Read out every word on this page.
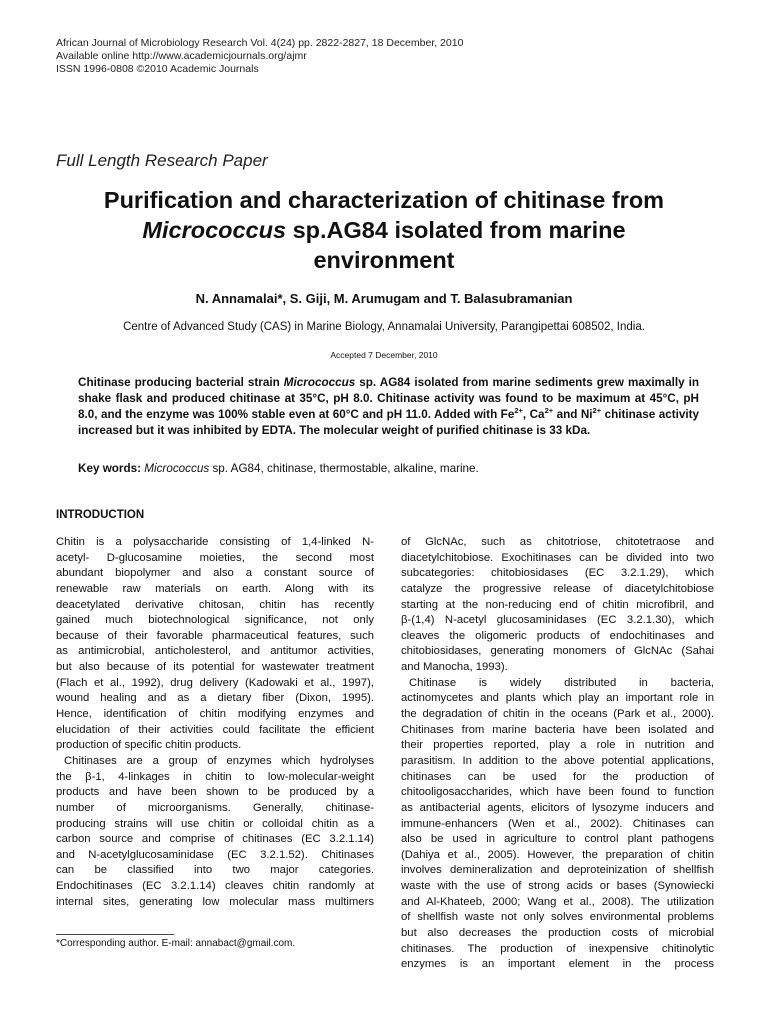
African Journal of Microbiology Research Vol. 4(24) pp. 2822-2827, 18 December, 2010
Available online http://www.academicjournals.org/ajmr
ISSN 1996-0808 ©2010 Academic Journals
Full Length Research Paper
Purification and characterization of chitinase from
Micrococcus sp.AG84 isolated from marine
environment
N. Annamalai*, S. Giji, M. Arumugam and T. Balasubramanian
Centre of Advanced Study (CAS) in Marine Biology, Annamalai University, Parangipettai 608502, India.
Accepted 7 December, 2010
Chitinase producing bacterial strain Micrococcus sp. AG84 isolated from marine sediments grew maximally in shake flask and produced chitinase at 35°C, pH 8.0. Chitinase activity was found to be maximum at 45°C, pH 8.0, and the enzyme was 100% stable even at 60°C and pH 11.0. Added with $Fe^{2+}$, $Ca^{2+}$ and $Ni^{2+}$ chitinase activity increased but it was inhibited by EDTA. The molecular weight of purified chitinase is 33 kDa.
Key words: Micrococcus sp. AG84, chitinase, thermostable, alkaline, marine.
INTRODUCTION
Chitin is a polysaccharide consisting of 1,4-linked N-
acetyl- D-glucosamine moieties, the second most
abundant biopolymer and also a constant source of
renewable raw materials on earth. Along with its
deacetylated derivative chitosan, chitin has recently
gained much biotechnological significance, not only
because of their favorable pharmaceutical features, such
as antimicrobial, anticholesterol, and antitumor activities,
but also because of its potential for wastewater treatment
(Flach et al., 1992), drug delivery (Kadowaki et al., 1997),
wound healing and as a dietary fiber (Dixon, 1995).
Hence, identification of chitin modifying enzymes and
elucidation of their activities could facilitate the efficient
production of specific chitin products.
Chitinases are a group of enzymes which hydrolyses
the β-1, 4-linkages in chitin to low-molecular-weight
products and have been shown to be produced by a
number of microorganisms. Generally, chitinase-
producing strains will use chitin or colloidal chitin as a
carbon source and comprise of chitinases (EC 3.2.1.14)
and N-acetylglucosaminidase (EC 3.2.1.52). Chitinases
can be classified into two major categories.
Endochitinases (EC 3.2.1.14) cleaves chitin randomly at
internal sites, generating low molecular mass multimers
of GlcNAc, such as chitotriose, chitotetraose and
diacetylchitobiose. Exochitinases can be divided into two
subcategories: chitobiosidases (EC 3.2.1.29), which
catalyze the progressive release of diacetylchitobiose
starting at the non-reducing end of chitin microfibril, and
β-(1,4) N-acetyl glucosaminidases (EC 3.2.1.30), which
cleaves the oligomeric products of endochitinases and
chitobiosidases, generating monomers of GlcNAc (Sahai
and Manocha, 1993).
Chitinase is widely distributed in bacteria,
actinomycetes and plants which play an important role in
the degradation of chitin in the oceans (Park et al., 2000).
Chitinases from marine bacteria have been isolated and
their properties reported, play a role in nutrition and
parasitism. In addition to the above potential applications,
chitinases can be used for the production of
chitooligosaccharides, which have been found to function
as antibacterial agents, elicitors of lysozyme inducers and
immune-enhancers (Wen et al., 2002). Chitinases can
also be used in agriculture to control plant pathogens
(Dahiya et al., 2005). However, the preparation of chitin
involves demineralization and deproteinization of shellfish
waste with the use of strong acids or bases (Synowiecki
and Al-Khateeb, 2000; Wang et al., 2008). The utilization
of shellfish waste not only solves environmental problems
but also decreases the production costs of microbial
chitinases. The production of inexpensive chitinolytic
enzymes is an important element in the process
*Corresponding author. E-mail: annabact@gmail.com.
